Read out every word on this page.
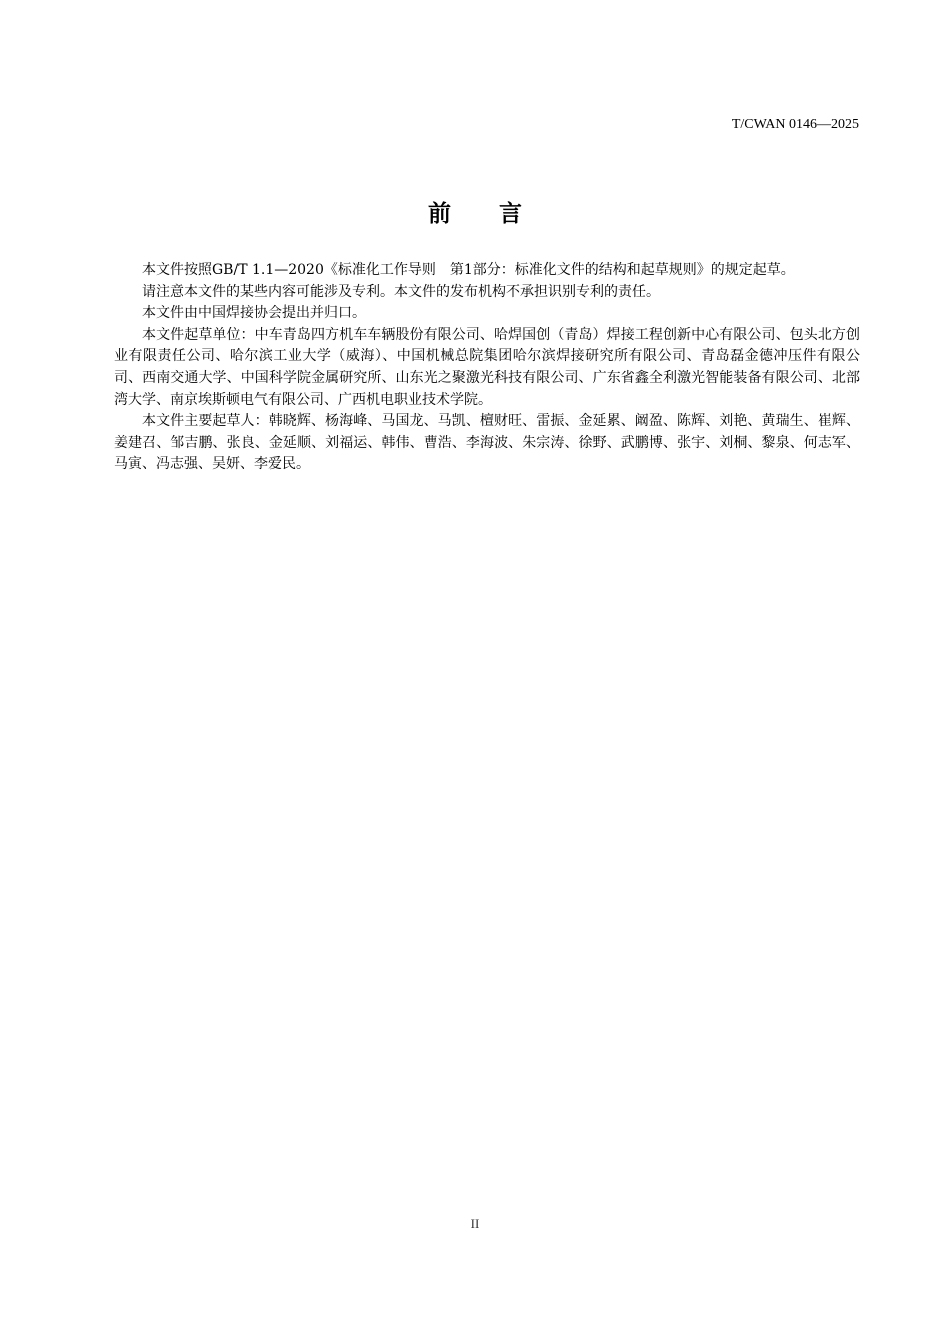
T/CWAN 0146—2025
前言

本文件按照GB/T 1.1—2020《标准化工作导则　第1部分：标准化文件的结构和起草规则》的规定起草。

请注意本文件的某些内容可能涉及专利。本文件的发布机构不承担识别专利的责任。

本文件由中国焊接协会提出并归口。

本文件起草单位：中车青岛四方机车车辆股份有限公司、哈焊国创（青岛）焊接工程创新中心有限公司、包头北方创业有限责任公司、哈尔滨工业大学（威海）、中国机械总院集团哈尔滨焊接研究所有限公司、青岛磊金德冲压件有限公司、西南交通大学、中国科学院金属研究所、山东光之聚激光科技有限公司、广东省鑫全利激光智能装备有限公司、北部湾大学、南京埃斯顿电气有限公司、广西机电职业技术学院。

本文件主要起草人：韩晓辉、杨海峰、马国龙、马凯、檀财旺、雷振、金延累、阚盈、陈辉、刘艳、黄瑞生、崔辉、姜建召、邹吉鹏、张良、金延顺、刘福运、韩伟、曹浩、李海波、朱宗涛、徐野、武鹏博、张宇、刘桐、黎泉、何志军、马寅、冯志强、吴妍、李爱民。

II
